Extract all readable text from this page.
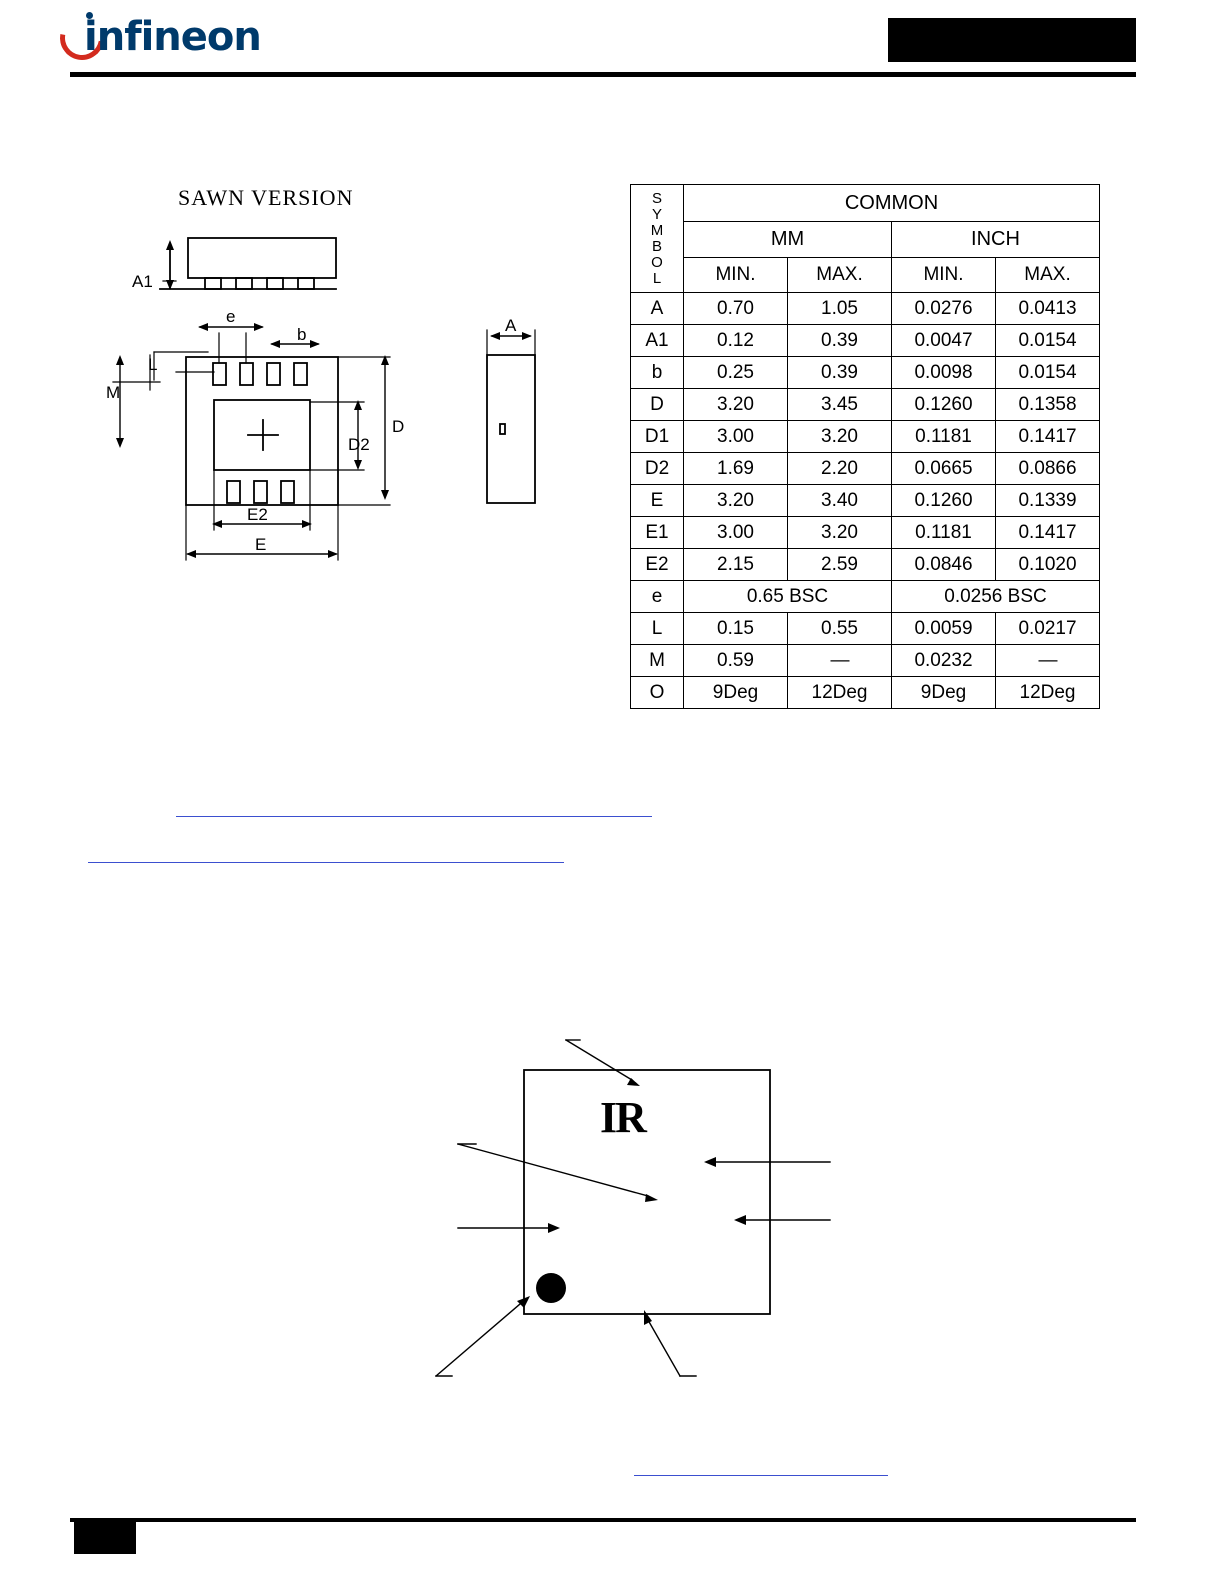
infineon
SAWN VERSION
A1
e
b
L
M
D
D2
E2
E
A
IR
S
Y
M
B
O
L	COMMON
	MM		INCH	
	MIN.	MAX.	MIN.	MAX.
A	0.70	1.05	0.0276	0.0413
A1	0.12	0.39	0.0047	0.0154
b	0.25	0.39	0.0098	0.0154
D	3.20	3.45	0.1260	0.1358
D1	3.00	3.20	0.1181	0.1417
D2	1.69	2.20	0.0665	0.0866
E	3.20	3.40	0.1260	0.1339
E1	3.00	3.20	0.1181	0.1417
E2	2.15	2.59	0.0846	0.1020
e	0.65 BSC		0.0256 BSC	
L	0.15	0.55	0.0059	0.0217
M	0.59	—	0.0232	—
O	9Deg	12Deg	9Deg	12Deg
